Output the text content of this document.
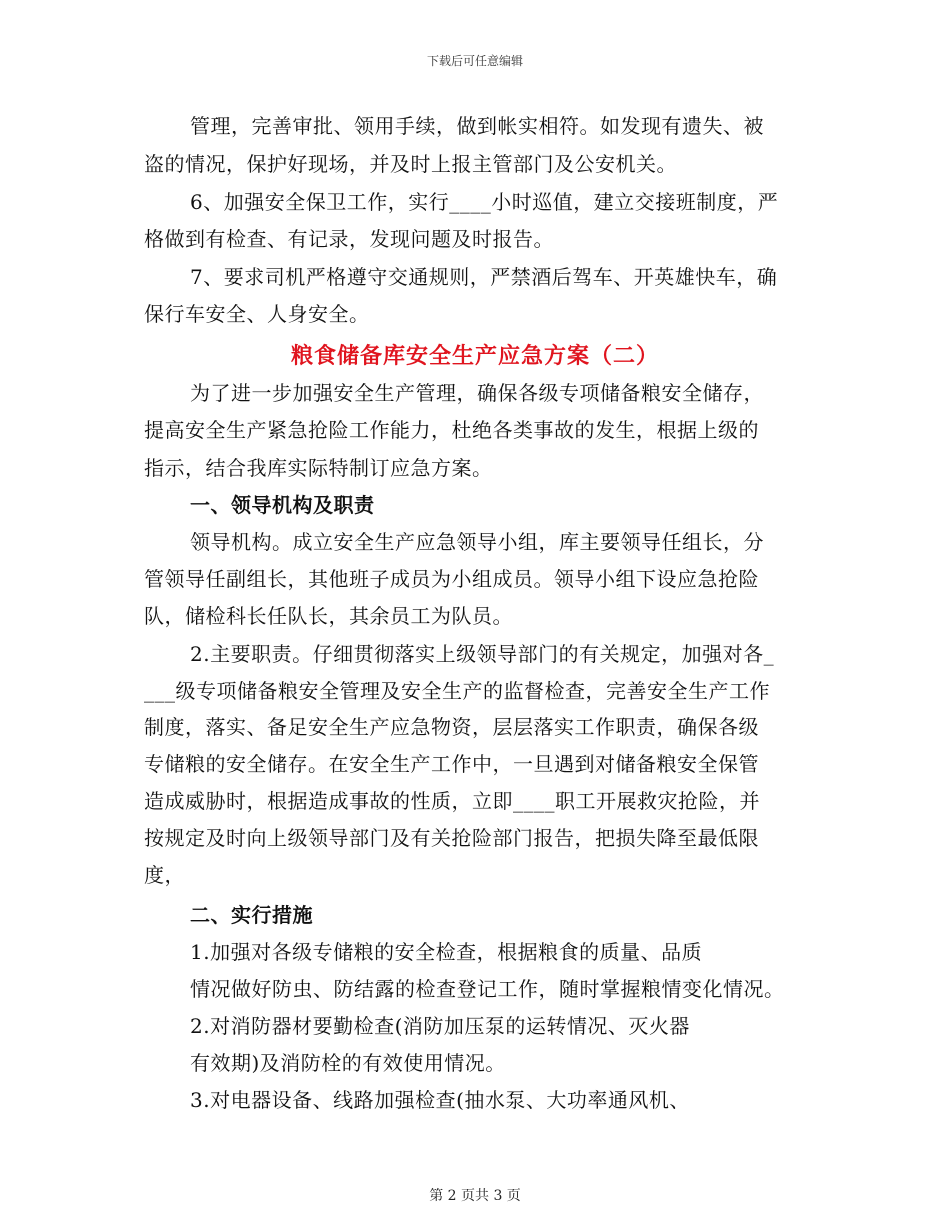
下载后可任意编辑
管理，完善审批、领用手续，做到帐实相符。如发现有遗失、被
盗的情况，保护好现场，并及时上报主管部门及公安机关。
6、加强安全保卫工作，实行____小时巡值，建立交接班制度，严
格做到有检查、有记录，发现问题及时报告。
7、要求司机严格遵守交通规则，严禁酒后驾车、开英雄快车，确
保行车安全、人身安全。
粮食储备库安全生产应急方案（二）
为了进一步加强安全生产管理，确保各级专项储备粮安全储存，
提高安全生产紧急抢险工作能力，杜绝各类事故的发生，根据上级的
指示，结合我库实际特制订应急方案。
一、领导机构及职责
领导机构。成立安全生产应急领导小组，库主要领导任组长，分
管领导任副组长，其他班子成员为小组成员。领导小组下设应急抢险
队，储检科长任队长，其余员工为队员。
2.主要职责。仔细贯彻落实上级领导部门的有关规定，加强对各_
___级专项储备粮安全管理及安全生产的监督检查，完善安全生产工作
制度，落实、备足安全生产应急物资，层层落实工作职责，确保各级
专储粮的安全储存。在安全生产工作中，一旦遇到对储备粮安全保管
造成威胁时，根据造成事故的性质，立即____职工开展救灾抢险，并
按规定及时向上级领导部门及有关抢险部门报告，把损失降至最低限
度，
二、实行措施
1.加强对各级专储粮的安全检查，根据粮食的质量、品质
情况做好防虫、防结露的检查登记工作，随时掌握粮情变化情况。
2.对消防器材要勤检查(消防加压泵的运转情况、灭火器
有效期)及消防栓的有效使用情况。
3.对电器设备、线路加强检查(抽水泵、大功率通风机、
第 2 页共 3 页
